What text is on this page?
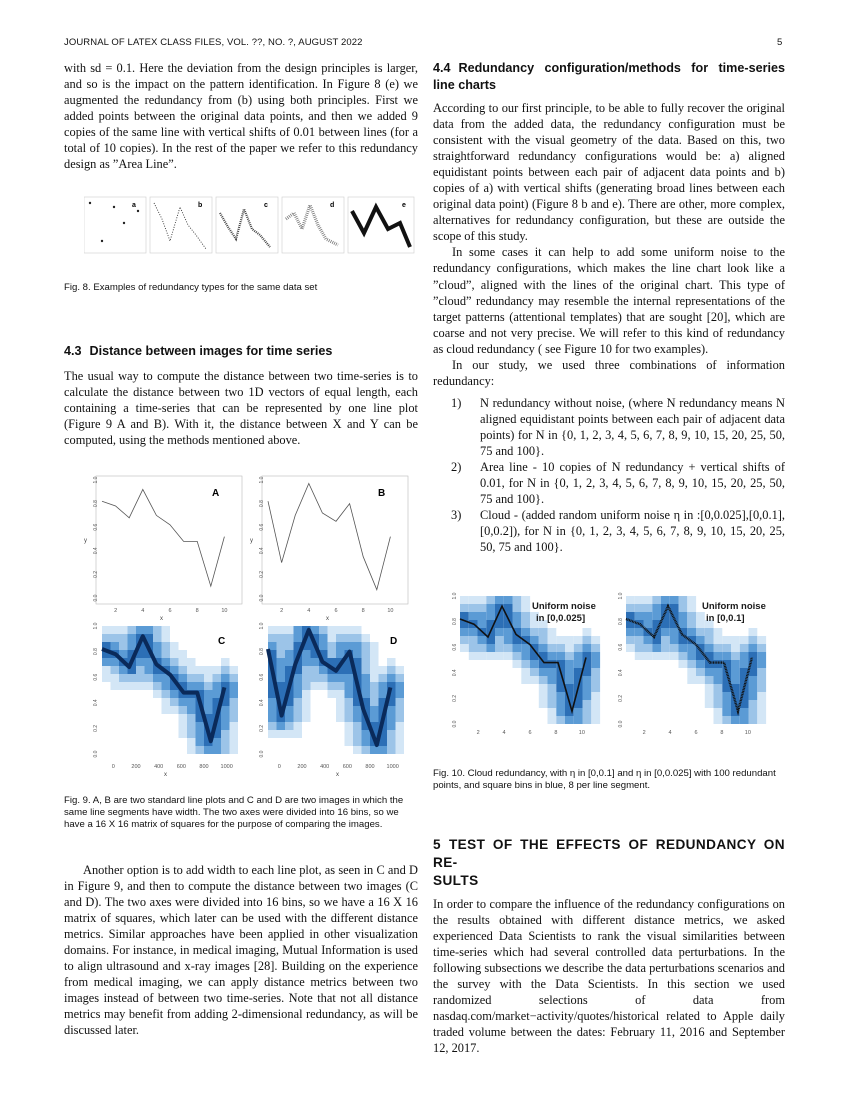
JOURNAL OF LATEX CLASS FILES, VOL. ??, NO. ?, AUGUST 2022	5

with sd = 0.1. Here the deviation from the design principles is larger, and so is the impact on the pattern identification. In Figure 8 (e) we augmented the redundancy from (b) using both principles. First we added points between the original data points, and then we added 9 copies of the same line with vertical shifts of 0.01 between lines (for a total of 10 copies). In the rest of the paper we refer to this redundancy design as ”Area Line”.

a	b	c	d	e

Fig. 8. Examples of redundancy types for the same data set

4.3 Distance between images for time series

The usual way to compute the distance between two time-series is to calculate the distance between two 1D vectors of equal length, each containing a time-series that can be represented by one line plot (Figure 9 A and B). With it, the distance between X and Y can be computed, using the methods mentioned above.

A
x
y
2	4	6	8	10
0.0
0.2
0.4
0.6
0.8
1.0
B
x
y
2	4	6	8	10
0.0
0.2
0.4
0.6
0.8
1.0
C
0	200 400 600 800 1000
0.0
0.2
0.4
0.6
0.8
1.0
x
D
0	200 400 600 800 1000
0.0
0.2
0.4
0.6
0.8
1.0
x

Fig. 9. A, B are two standard line plots and C and D are two images in which the same line segments have width. The two axes were divided into 16 bins, so we have a 16 X 16 matrix of squares for the purpose of comparing the images.

Another option is to add width to each line plot, as seen in C and D in Figure 9, and then to compute the distance between two images (C and D). The two axes were divided into 16 bins, so we have a 16 X 16 matrix of squares, which later can be used with the different distance metrics. Similar approaches have been applied in other visualization domains. For instance, in medical imaging, Mutual Information is used to align ultrasound and x-ray images [28]. Building on the experience from medical imaging, we can apply distance metrics between two images instead of between two time-series. Note that not all distance metrics may benefit from adding 2-dimensional redundancy, as will be discussed later.

4.4 Redundancy configuration/methods for time-series line charts

According to our first principle, to be able to fully recover the original data from the added data, the redundancy configuration must be consistent with the visual geometry of the data. Based on this, two straightforward redundancy configurations would be: a) aligned equidistant points between each pair of adjacent data points and b) copies of a) with vertical shifts (generating broad lines between each original data point) (Figure 8 b and e). There are other, more complex, alternatives for redundancy configuration, but these are outside the scope of this study.

In some cases it can help to add some uniform noise to the redundancy configurations, which makes the line chart look like a ”cloud”, aligned with the lines of the original chart. This type of ”cloud” redundancy may resemble the internal representations of the target patterns (attentional templates) that are sought [20], which are coarse and not very precise. We will refer to this kind of redundancy as cloud redundancy ( see Figure 10 for two examples).

In our study, we used three combinations of information redundancy:

1) N redundancy without noise, (where N redundancy means N aligned equidistant points between each pair of adjacent data points) for N in {0, 1, 2, 3, 4, 5, 6, 7, 8, 9, 10, 15, 20, 25, 50, 75 and 100}.
2) Area line - 10 copies of N redundancy + vertical shifts of 0.01, for N in {0, 1, 2, 3, 4, 5, 6, 7, 8, 9, 10, 15, 20, 25, 50, 75 and 100}.
3) Cloud - (added random uniform noise η in :[0,0.025],[0,0.1], [0,0.2]), for N in {0, 1, 2, 3, 4, 5, 6, 7, 8, 9, 10, 15, 20, 25, 50, 75 and 100}.
Uniform noise
in [0,0.025]
Uniform noise
in [0,0.1]
2	4	6	8	10
0.0
0.2
0.4
0.6
0.8
1.0
2	4	6	8	10
0.0
0.2
0.4
0.6
0.8
1.0

Fig. 10. Cloud redundancy, with η in [0,0.1] and η in [0,0.025] with 100 redundant points, and square bins in blue, 8 per line segment.

5 TEST OF THE EFFECTS OF REDUNDANCY ON RE-

SULTS

In order to compare the influence of the redundancy configurations on the results obtained with different distance metrics, we asked experienced Data Scientists to rank the visual similarities between time-series which had several controlled data perturbations. In the following subsections we describe the data perturbations scenarios and the survey with the Data Scientists. In this section we used randomized selections of data from nasdaq.com/market−activity/quotes/historical related to Apple daily traded volume between the dates: February 11, 2016 and September 12, 2017.
